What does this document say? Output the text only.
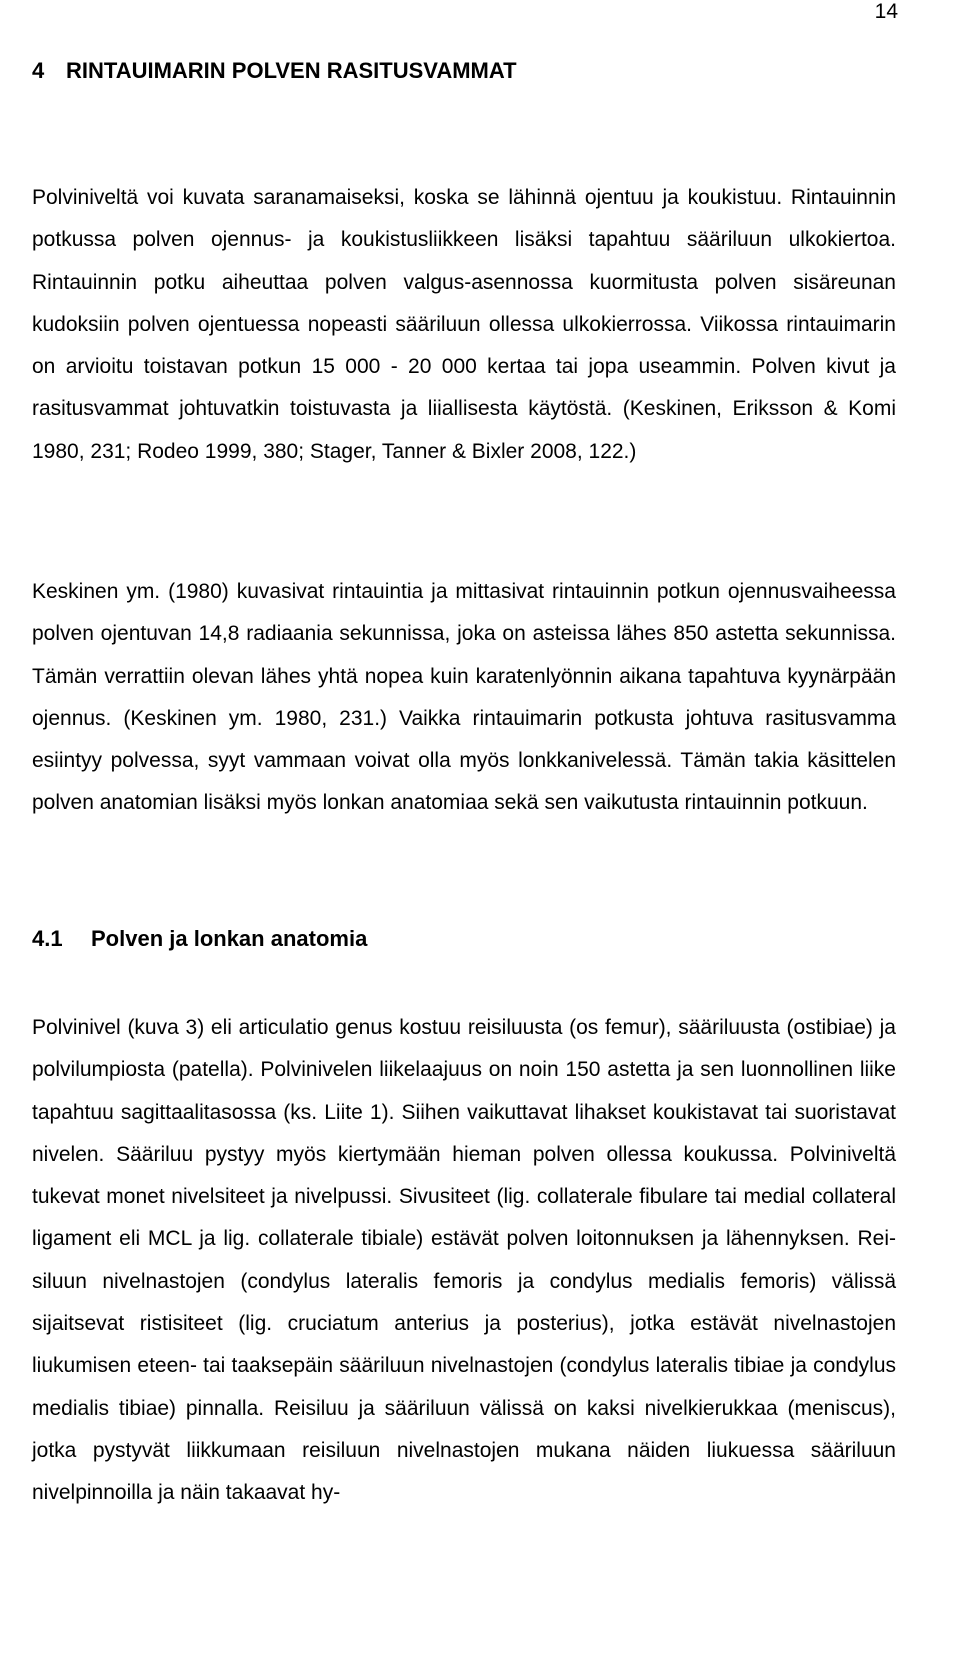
14
4 RINTAUIMARIN POLVEN RASITUSVAMMAT

Polviniveltä voi kuvata saranamaiseksi, koska se lähinnä ojentuu ja koukistuu. Rintauinnin potkussa polven ojennus- ja koukistusliikkeen lisäksi tapahtuu sääriluun ulkokiertoa. Rintauinnin potku aiheuttaa polven valgus-asennossa kuormitusta polven sisäreunan kudoksiin polven ojentuessa nopeasti sääriluun ollessa ulkokierrossa. Viikossa rintauimarin on arvioitu toistavan potkun 15 000 - 20 000 kertaa tai jopa useammin. Polven kivut ja rasitusvammat johtuvatkin toistuvasta ja liiallisesta käytöstä. (Keskinen, Eriksson & Komi 1980, 231; Rodeo 1999, 380; Stager, Tanner & Bixler 2008, 122.)

Keskinen ym. (1980) kuvasivat rintauintia ja mittasivat rintauinnin potkun ojennusvaiheessa polven ojentuvan 14,8 radiaania sekunnissa, joka on asteissa lähes 850 astetta sekunnissa. Tämän verrattiin olevan lähes yhtä nopea kuin karatenlyönnin aikana tapahtuva kyynärpään ojennus. (Keskinen ym. 1980, 231.) Vaikka rintauimarin potkusta johtuva rasitusvamma esiintyy polvessa, syyt vammaan voivat olla myös lonkkanivelessä. Tämän takia käsittelen polven anatomian lisäksi myös lonkan anatomiaa sekä sen vaikutusta rintauinnin potkuun.

4.1 Polven ja lonkan anatomia

Polvinivel (kuva 3) eli articulatio genus kostuu reisiluusta (os femur), sääriluusta (ostibiae) ja polvilumpiosta (patella). Polvinivelen liikelaajuus on noin 150 astetta ja sen luonnollinen liike tapahtuu sagittaalitasossa (ks. Liite 1). Siihen vaikuttavat lihakset koukistavat tai suoristavat nivelen. Sääriluu pystyy myös kiertymään hieman polven ollessa koukussa. Polviniveltä tukevat monet nivelsiteet ja nivelpussi. Sivusiteet (lig. collaterale fibulare tai medial collateral ligament eli MCL ja lig. collaterale tibiale) estävät polven loitonnuksen ja lähennyksen. Reisiluun nivelnastojen (condylus lateralis femoris ja condylus medialis femoris) välissä sijaitsevat ristisiteet (lig. cruciatum anterius ja posterius), jotka estävät nivelnastojen liukumisen eteen- tai taaksepäin sääriluun nivelnastojen (condylus lateralis tibiae ja condylus medialis tibiae) pinnalla. Reisiluu ja sääriluun välissä on kaksi nivelkierukkaa (meniscus), jotka pystyvät liikkumaan reisiluun nivelnastojen mukana näiden liukuessa sääriluun nivelpinnoilla ja näin takaavat hy-
